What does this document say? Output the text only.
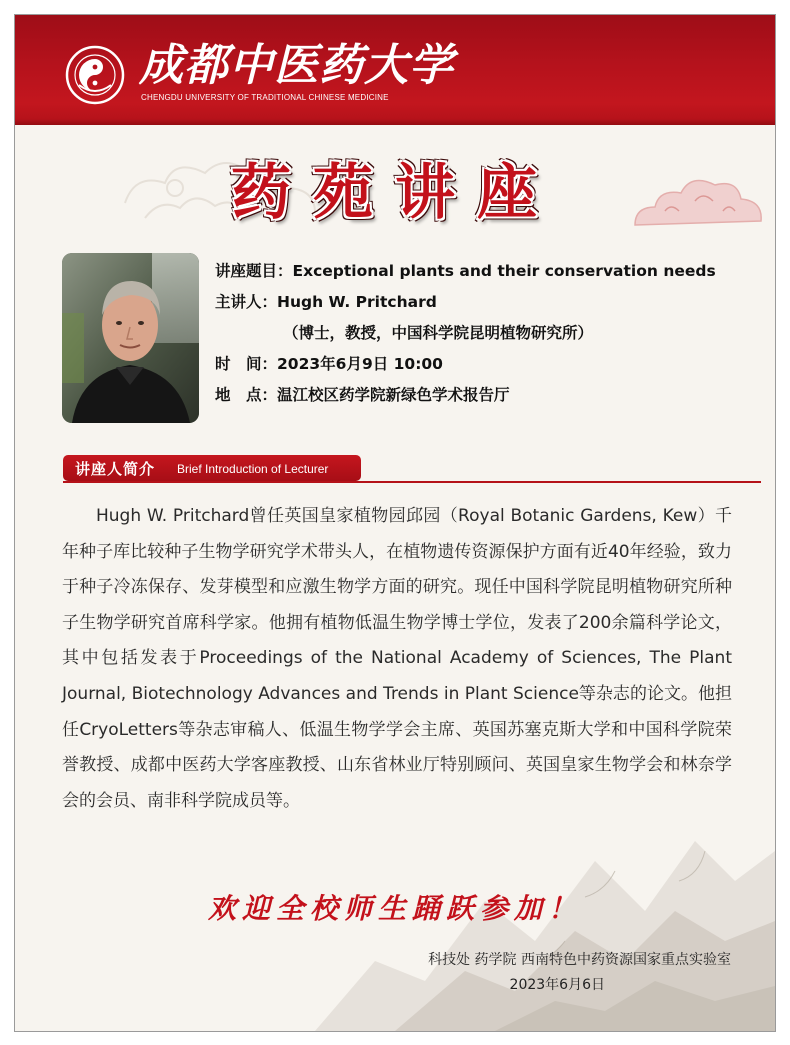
成都中医药大学
CHENGDU UNIVERSITY OF TRADITIONAL CHINESE MEDICINE
药苑讲座
讲座题目：Exceptional plants and their conservation needs
主讲人：Hugh W. Pritchard
（博士，教授，中国科学院昆明植物研究所）
时　间：2023年6月9日 10:00
地　点：温江校区药学院新绿色学术报告厅
讲座人简介 Brief Introduction of Lecturer

Hugh W. Pritchard曾任英国皇家植物园邱园（Royal Botanic Gardens, Kew）千年种子库比较种子生物学研究学术带头人，在植物遗传资源保护方面有近40年经验，致力于种子冷冻保存、发芽模型和应激生物学方面的研究。现任中国科学院昆明植物研究所种子生物学研究首席科学家。他拥有植物低温生物学博士学位，发表了200余篇科学论文，其中包括发表于Proceedings of the National Academy of Sciences, The Plant Journal, Biotechnology Advances and Trends in Plant Science等杂志的论文。他担任CryoLetters等杂志审稿人、低温生物学学会主席、英国苏塞克斯大学和中国科学院荣誉教授、成都中医药大学客座教授、山东省林业厅特别顾问、英国皇家生物学会和林奈学会的会员、南非科学院成员等。

欢迎全校师生踊跃参加！
科技处 药学院 西南特色中药资源国家重点实验室
2023年6月6日
